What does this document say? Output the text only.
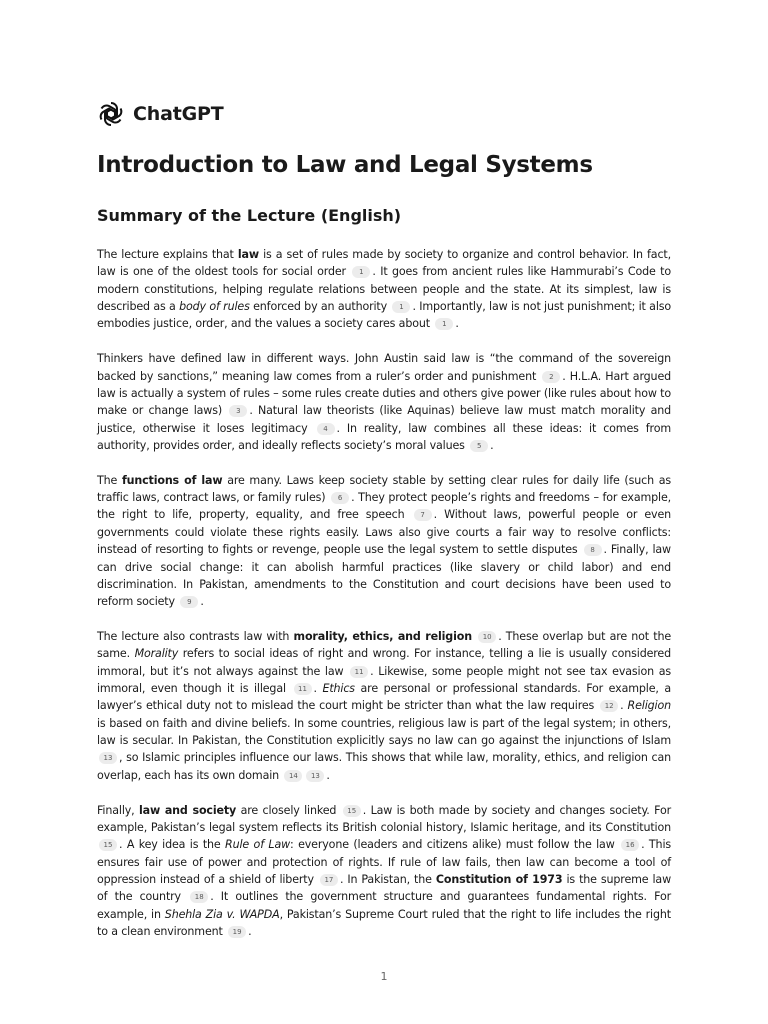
ChatGPT
Introduction to Law and Legal Systems
Summary of the Lecture (English)

The lecture explains that law is a set of rules made by society to organize and control behavior. In fact, law is one of the oldest tools for social order 1 . It goes from ancient rules like Hammurabi’s Code to modern constitutions, helping regulate relations between people and the state. At its simplest, law is described as a body of rules enforced by an authority 1 . Importantly, law is not just punishment; it also embodies justice, order, and the values a society cares about 1 .

Thinkers have defined law in different ways. John Austin said law is “the command of the sovereign backed by sanctions,” meaning law comes from a ruler’s order and punishment 2 . H.L.A. Hart argued law is actually a system of rules – some rules create duties and others give power (like rules about how to make or change laws) 3 . Natural law theorists (like Aquinas) believe law must match morality and justice, otherwise it loses legitimacy 4 . In reality, law combines all these ideas: it comes from authority, provides order, and ideally reflects society’s moral values 5 .

The functions of law are many. Laws keep society stable by setting clear rules for daily life (such as traffic laws, contract laws, or family rules) 6 . They protect people’s rights and freedoms – for example, the right to life, property, equality, and free speech 7 . Without laws, powerful people or even governments could violate these rights easily. Laws also give courts a fair way to resolve conflicts: instead of resorting to fights or revenge, people use the legal system to settle disputes 8 . Finally, law can drive social change: it can abolish harmful practices (like slavery or child labor) and end discrimination. In Pakistan, amendments to the Constitution and court decisions have been used to reform society 9 .

The lecture also contrasts law with morality, ethics, and religion 10 . These overlap but are not the same. Morality refers to social ideas of right and wrong. For instance, telling a lie is usually considered immoral, but it’s not always against the law 11 . Likewise, some people might not see tax evasion as immoral, even though it is illegal 11 . Ethics are personal or professional standards. For example, a lawyer’s ethical duty not to mislead the court might be stricter than what the law requires 12 . Religion is based on faith and divine beliefs. In some countries, religious law is part of the legal system; in others, law is secular. In Pakistan, the Constitution explicitly says no law can go against the injunctions of Islam 13 , so Islamic principles influence our laws. This shows that while law, morality, ethics, and religion can overlap, each has its own domain 14 13 .

Finally, law and society are closely linked 15 . Law is both made by society and changes society. For example, Pakistan’s legal system reflects its British colonial history, Islamic heritage, and its Constitution 15 . A key idea is the Rule of Law: everyone (leaders and citizens alike) must follow the law 16 . This ensures fair use of power and protection of rights. If rule of law fails, then law can become a tool of oppression instead of a shield of liberty 17 . In Pakistan, the Constitution of 1973 is the supreme law of the country 18 . It outlines the government structure and guarantees fundamental rights. For example, in Shehla Zia v. WAPDA, Pakistan’s Supreme Court ruled that the right to life includes the right to a clean environment 19 .

1
